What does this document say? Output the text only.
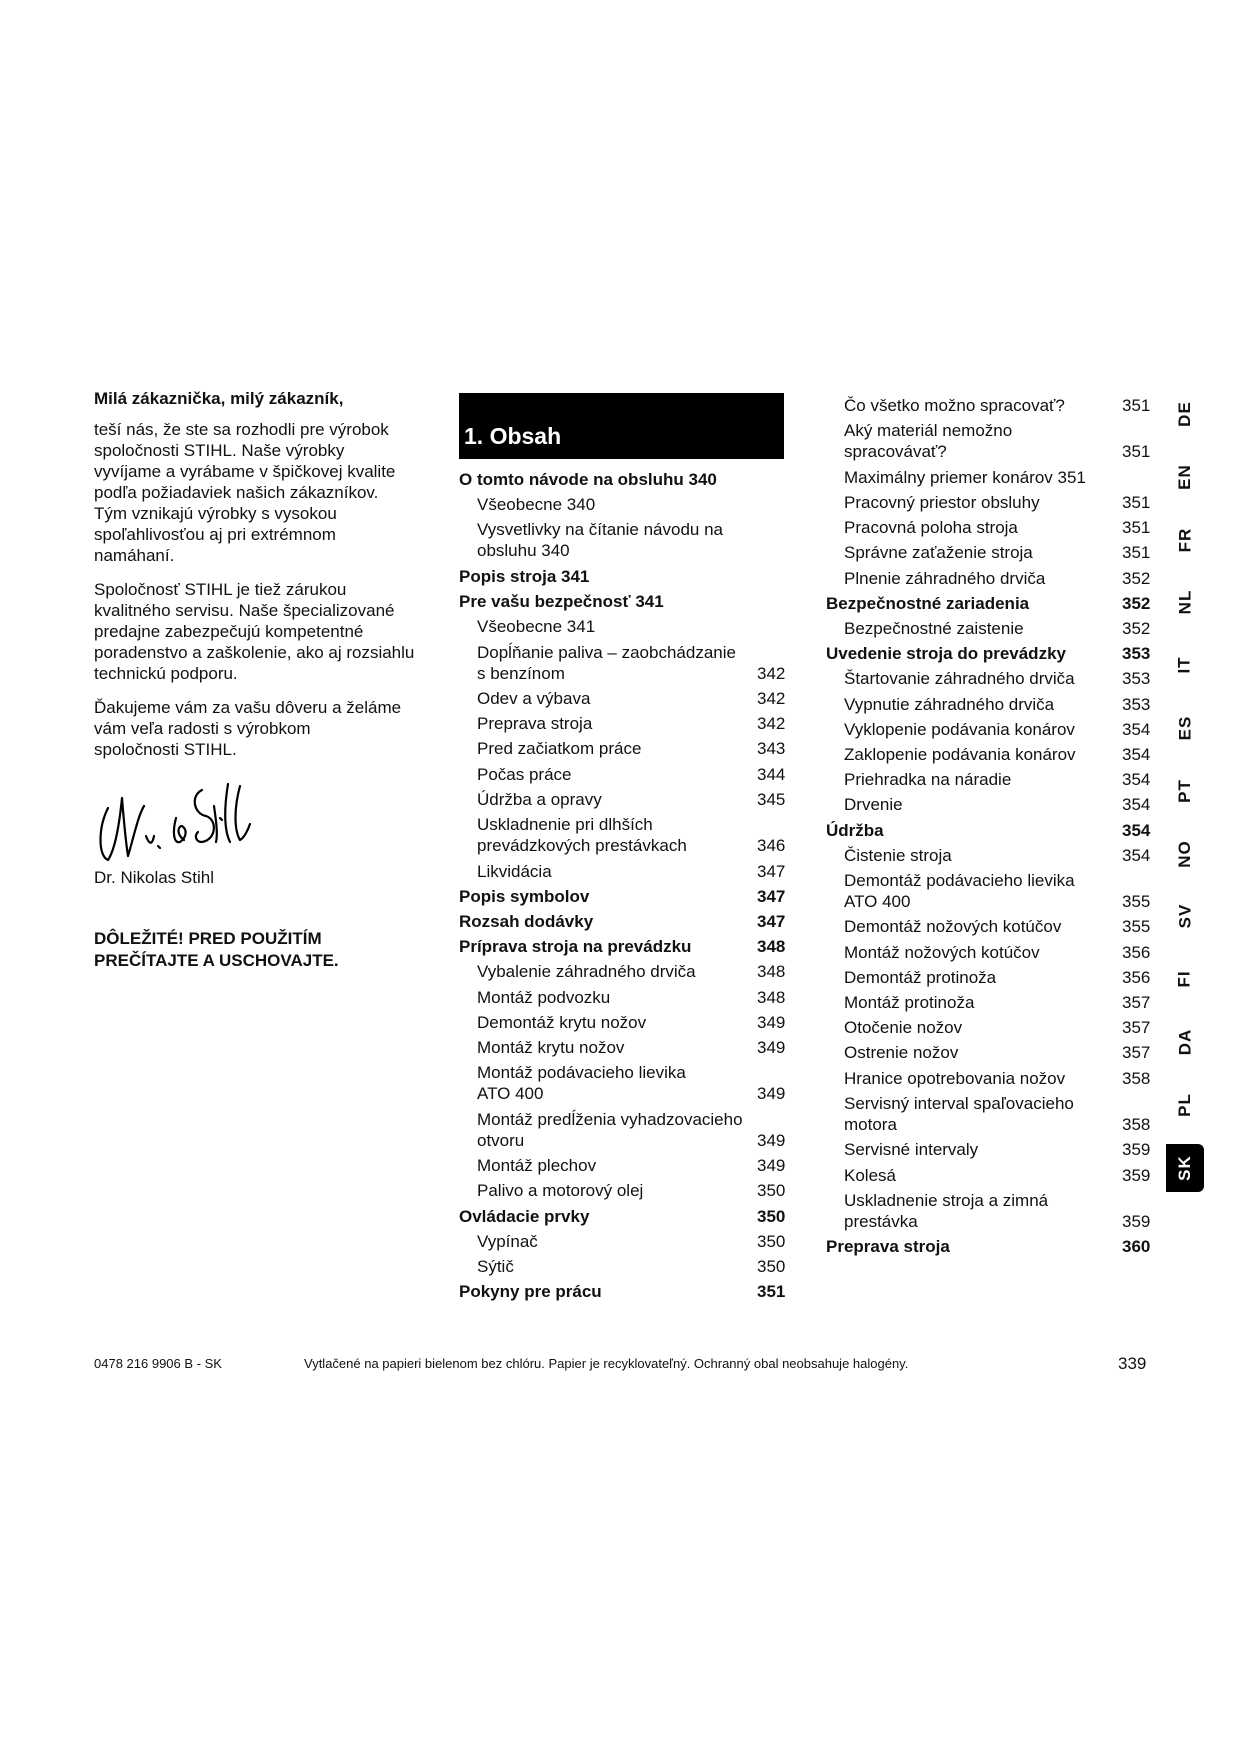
Milá zákaznička, milý zákazník,

teší nás, že ste sa rozhodli pre výrobok
spoločnosti STIHL. Naše výrobky
vyvíjame a vyrábame v špičkovej kvalite
podľa požiadaviek našich zákazníkov.
Tým vznikajú výrobky s vysokou
spoľahlivosťou aj pri extrémnom
namáhaní.

Spoločnosť STIHL je tiež zárukou
kvalitného servisu. Naše špecializované
predajne zabezpečujú kompetentné
poradenstvo a zaškolenie, ako aj rozsiahlu
technickú podporu.

Ďakujeme vám za vašu dôveru a želáme
vám veľa radosti s výrobkom
spoločnosti STIHL.

Dr. Nikolas Stihl
DÔLEŽITÉ! PRED POUŽITÍM
PREČÍTAJTE A USCHOVAJTE.
1. Obsah
O tomto návode na obsluhu 340
Všeobecne 340
Vysvetlivky na čítanie návodu na
obsluhu 340
Popis stroja 341
Pre vašu bezpečnosť 341
Všeobecne 341
Dopĺňanie paliva – zaobchádzanie
s benzínom	342
Odev a výbava	342
Preprava stroja	342
Pred začiatkom práce	343
Počas práce	344
Údržba a opravy	345
Uskladnenie pri dlhších
prevádzkových prestávkach	346
Likvidácia	347
Popis symbolov	347
Rozsah dodávky	347
Príprava stroja na prevádzku	348
Vybalenie záhradného drviča	348
Montáž podvozku	348
Demontáž krytu nožov	349
Montáž krytu nožov	349
Montáž podávacieho lievika
ATO 400	349
Montáž predĺženia vyhadzovacieho
otvoru	349
Montáž plechov	349
Palivo a motorový olej	350
Ovládacie prvky	350
Vypínač	350
Sýtič	350
Pokyny pre prácu	351
Čo všetko možno spracovať?	351
Aký materiál nemožno
spracovávať?	351
Maximálny priemer konárov 351
Pracovný priestor obsluhy	351
Pracovná poloha stroja	351
Správne zaťaženie stroja	351
Plnenie záhradného drviča	352
Bezpečnostné zariadenia	352
Bezpečnostné zaistenie	352
Uvedenie stroja do prevádzky	353
Štartovanie záhradného drviča	353
Vypnutie záhradného drviča	353
Vyklopenie podávania konárov	354
Zaklopenie podávania konárov	354
Priehradka na náradie	354
Drvenie	354
Údržba	354
Čistenie stroja	354
Demontáž podávacieho lievika
ATO 400	355
Demontáž nožových kotúčov	355
Montáž nožových kotúčov	356
Demontáž protinoža	356
Montáž protinoža	357
Otočenie nožov	357
Ostrenie nožov	357
Hranice opotrebovania nožov	358
Servisný interval spaľovacieho
motora	358
Servisné intervaly	359
Kolesá	359
Uskladnenie stroja a zimná
prestávka	359
Preprava stroja	360
DE
EN
FR
NL
IT
ES
PT
NO
SV
FI
DA
PL
SK
0478 216 9906 B - SK	Vytlačené na papieri bielenom bez chlóru. Papier je recyklovateľný. Ochranný obal neobsahuje halogény.	339
